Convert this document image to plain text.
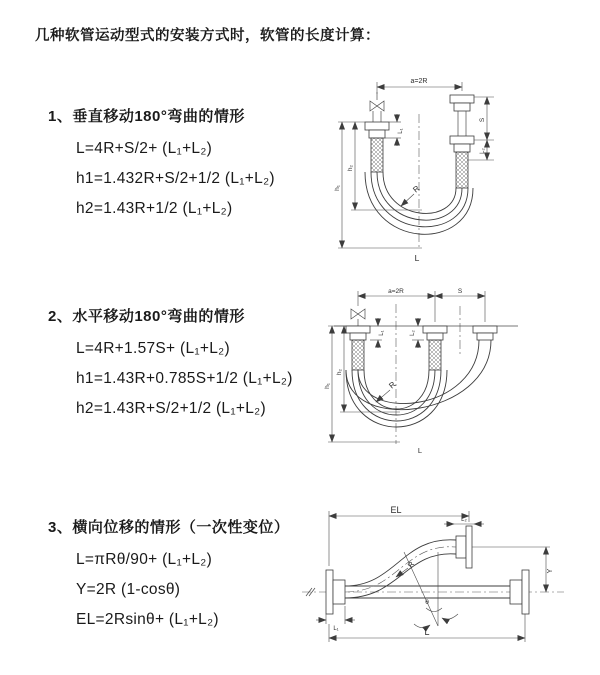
几种软管运动型式的安装方式时，软管的长度计算：
1、垂直移动180°弯曲的情形
L=4R+S/2+ (L₁+L₂)
h1=1.432R+S/2+1/2 (L₁+L₂)
h2=1.43R+1/2 (L₁+L₂)
2、水平移动180°弯曲的情形
L=4R+1.57S+ (L₁+L₂)
h1=1.43R+0.785S+1/2 (L₁+L₂)
h2=1.43R+S/2+1/2 (L₁+L₂)
3、横向位移的情形（一次性变位）
L=πRθ/90+ (L₁+L₂)
Y=2R (1-cosθ)
EL=2Rsinθ+ (L₁+L₂)
a=2R
h₁
h₂
L₁
S
L₂
R
L
a=2R	S
h₁
h₂
L₁	L₂
R
L
EL
L₂
Y
θ
R
L₁	L
